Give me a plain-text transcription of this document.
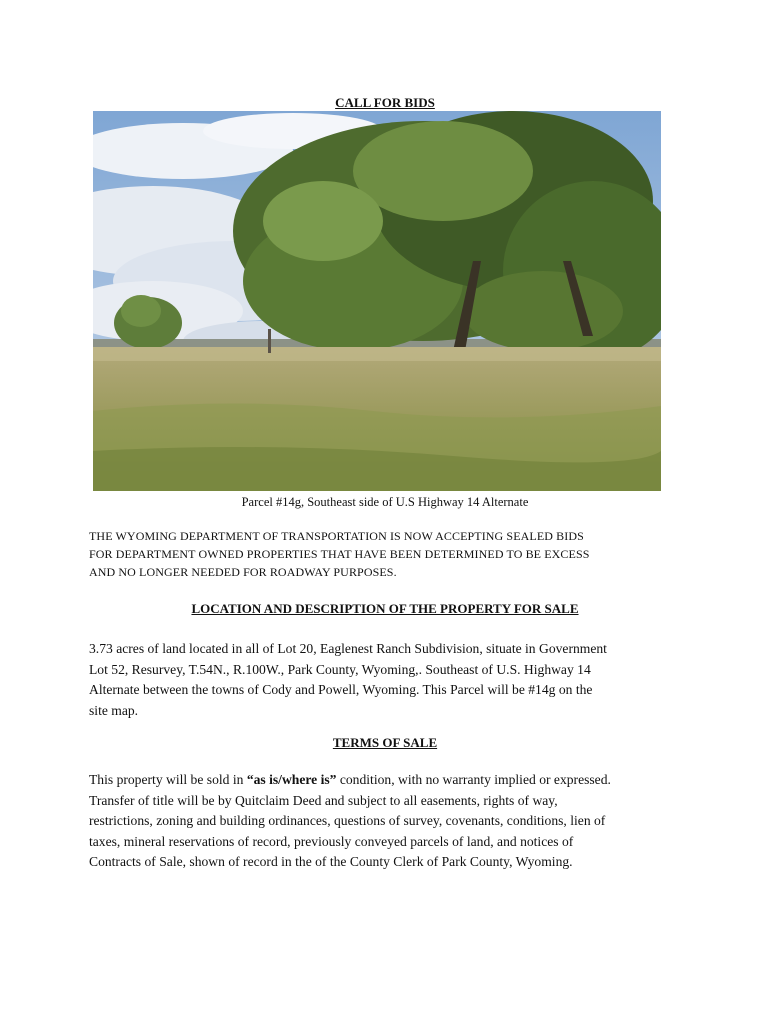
CALL FOR BIDS
Parcel #14g, Southeast side of U.S Highway 14 Alternate
THE WYOMING DEPARTMENT OF TRANSPORTATION IS NOW ACCEPTING SEALED BIDS
FOR DEPARTMENT OWNED PROPERTIES THAT HAVE BEEN DETERMINED TO BE EXCESS
AND NO LONGER NEEDED FOR ROADWAY PURPOSES.
LOCATION AND DESCRIPTION OF THE PROPERTY FOR SALE
3.73 acres of land located in all of Lot 20, Eaglenest Ranch Subdivision, situate in Government
Lot 52, Resurvey, T.54N., R.100W., Park County, Wyoming,. Southeast of U.S. Highway 14
Alternate between the towns of Cody and Powell, Wyoming. This Parcel will be #14g on the
site map.
TERMS OF SALE
This property will be sold in “as is/where is” condition, with no warranty implied or expressed.
Transfer of title will be by Quitclaim Deed and subject to all easements, rights of way,
restrictions, zoning and building ordinances, questions of survey, covenants, conditions, lien of
taxes, mineral reservations of record, previously conveyed parcels of land, and notices of
Contracts of Sale, shown of record in the of the County Clerk of Park County, Wyoming.
